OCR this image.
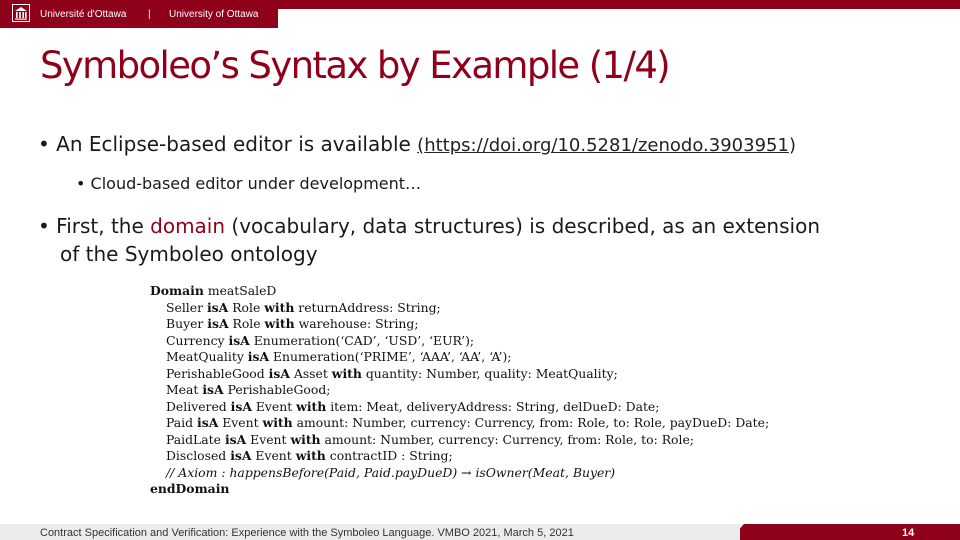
Université d'Ottawa | University of Ottawa
Symboleo’s Syntax by Example (1/4)
• An Eclipse-based editor is available (https://doi.org/10.5281/zenodo.3903951)
• Cloud-based editor under development…
• First, the domain (vocabulary, data structures) is described, as an extension
of the Symboleo ontology
Domain meatSaleD

Seller isA Role with returnAddress: String;
Buyer isA Role with warehouse: String;
Currency isA Enumeration(‘CAD’, ‘USD’, ‘EUR’);
MeatQuality isA Enumeration(‘PRIME’, ‘AAA’, ‘AA’, ‘A’);
PerishableGood isA Asset with quantity: Number, quality: MeatQuality;
Meat isA PerishableGood;
Delivered isA Event with item: Meat, deliveryAddress: String, delDueD: Date;
Paid isA Event with amount: Number, currency: Currency, from: Role, to: Role, payDueD: Date;
PaidLate isA Event with amount: Number, currency: Currency, from: Role, to: Role;
Disclosed isA Event with contractID : String;
// Axiom : happensBefore(Paid, Paid.payDueD) → isOwner(Meat, Buyer)
endDomain
Contract Specification and Verification: Experience with the Symboleo Language. VMBO 2021, March 5, 2021	14
